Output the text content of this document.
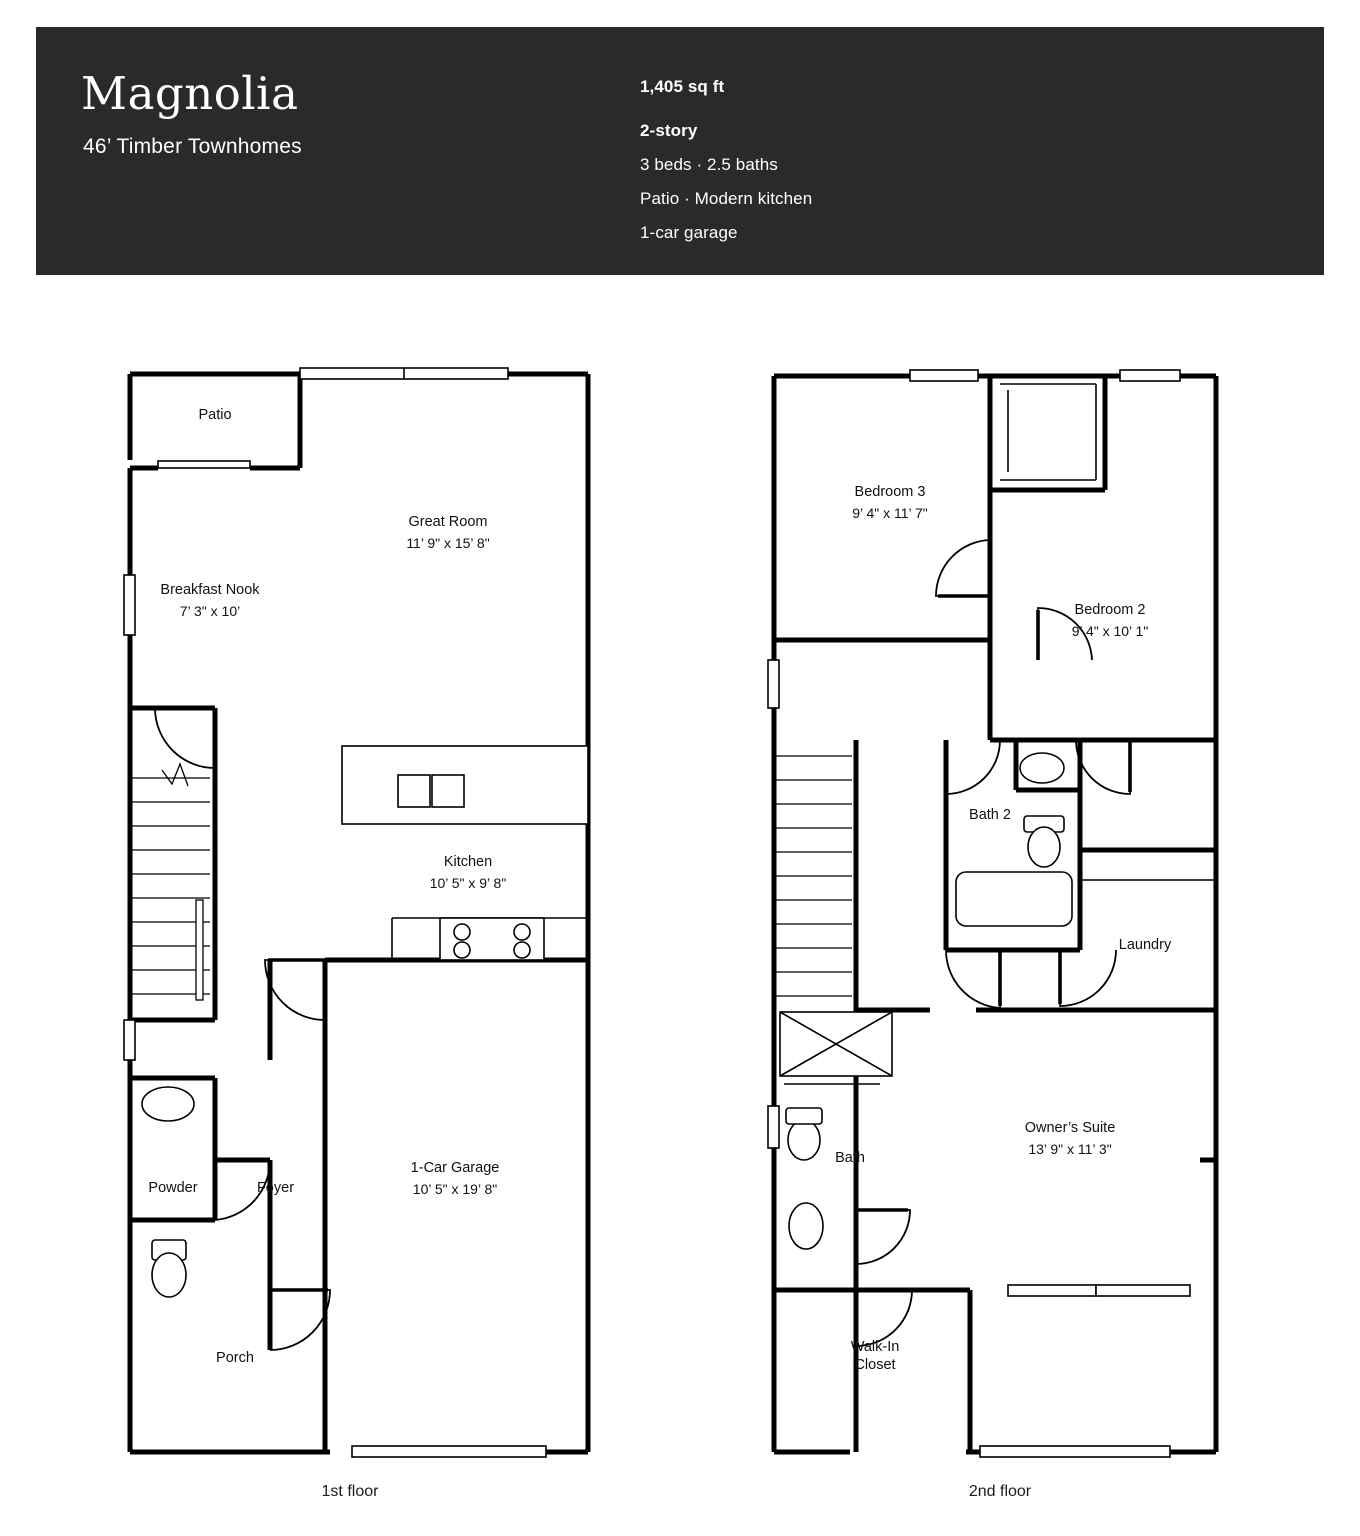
Magnolia
46’ Timber Townhomes
1,405 sq ft
2-story
3 beds · 2.5 baths
Patio · Modern kitchen
1-car garage
Patio
Great Room
11’ 9" x 15’ 8"
Breakfast Nook
7’ 3" x 10’
Kitchen
10’ 5" x 9’ 8"
Powder	Foyer
1-Car Garage
10’ 5" x 19’ 8"
Porch
1st floor
Bedroom 3
9’ 4" x 11’ 7"
Bedroom 2
9’ 4" x 10’ 1"
Bath 2
Laundry
Bath
Owner’s Suite
13’ 9" x 11’ 3"
Walk-In
Closet
2nd floor
